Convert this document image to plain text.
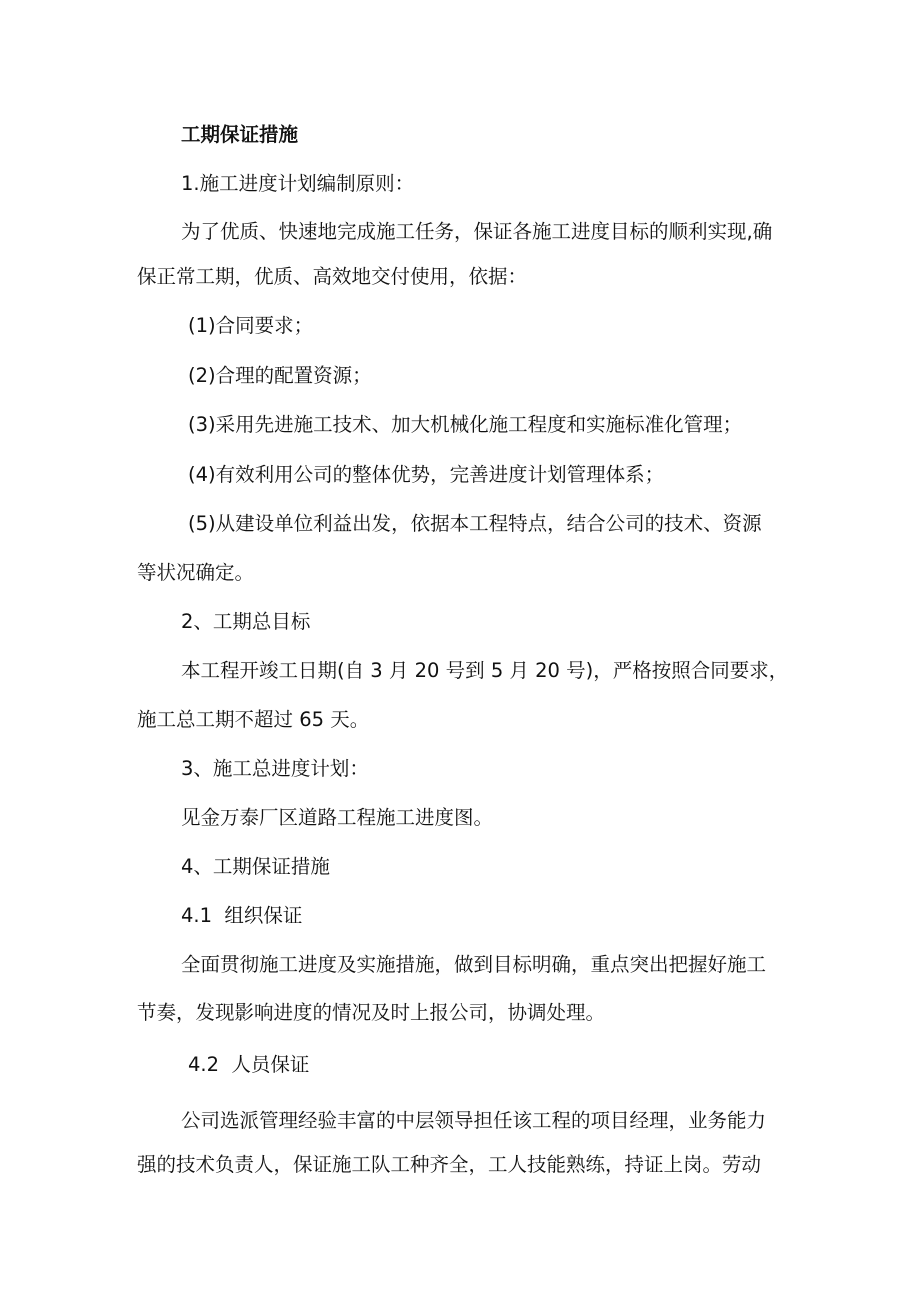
工期保证措施
1.施工进度计划编制原则：
为了优质、快速地完成施工任务，保证各施工进度目标的顺利实现,确
保正常工期，优质、高效地交付使用，依据：
(1)合同要求；
(2)合理的配置资源；
(3)采用先进施工技术、加大机械化施工程度和实施标准化管理；
(4)有效利用公司的整体优势，完善进度计划管理体系；
(5)从建设单位利益出发，依据本工程特点，结合公司的技术、资源
等状况确定。
2、工期总目标
本工程开竣工日期(自 3 月 20 号到 5 月 20 号)，严格按照合同要求，
施工总工期不超过 65 天。
3、施工总进度计划：
见金万泰厂区道路工程施工进度图。
4、工期保证措施
4.1  组织保证
全面贯彻施工进度及实施措施，做到目标明确，重点突出把握好施工
节奏，发现影响进度的情况及时上报公司，协调处理。
4.2  人员保证
公司选派管理经验丰富的中层领导担任该工程的项目经理，业务能力
强的技术负责人，保证施工队工种齐全，工人技能熟练，持证上岗。劳动
